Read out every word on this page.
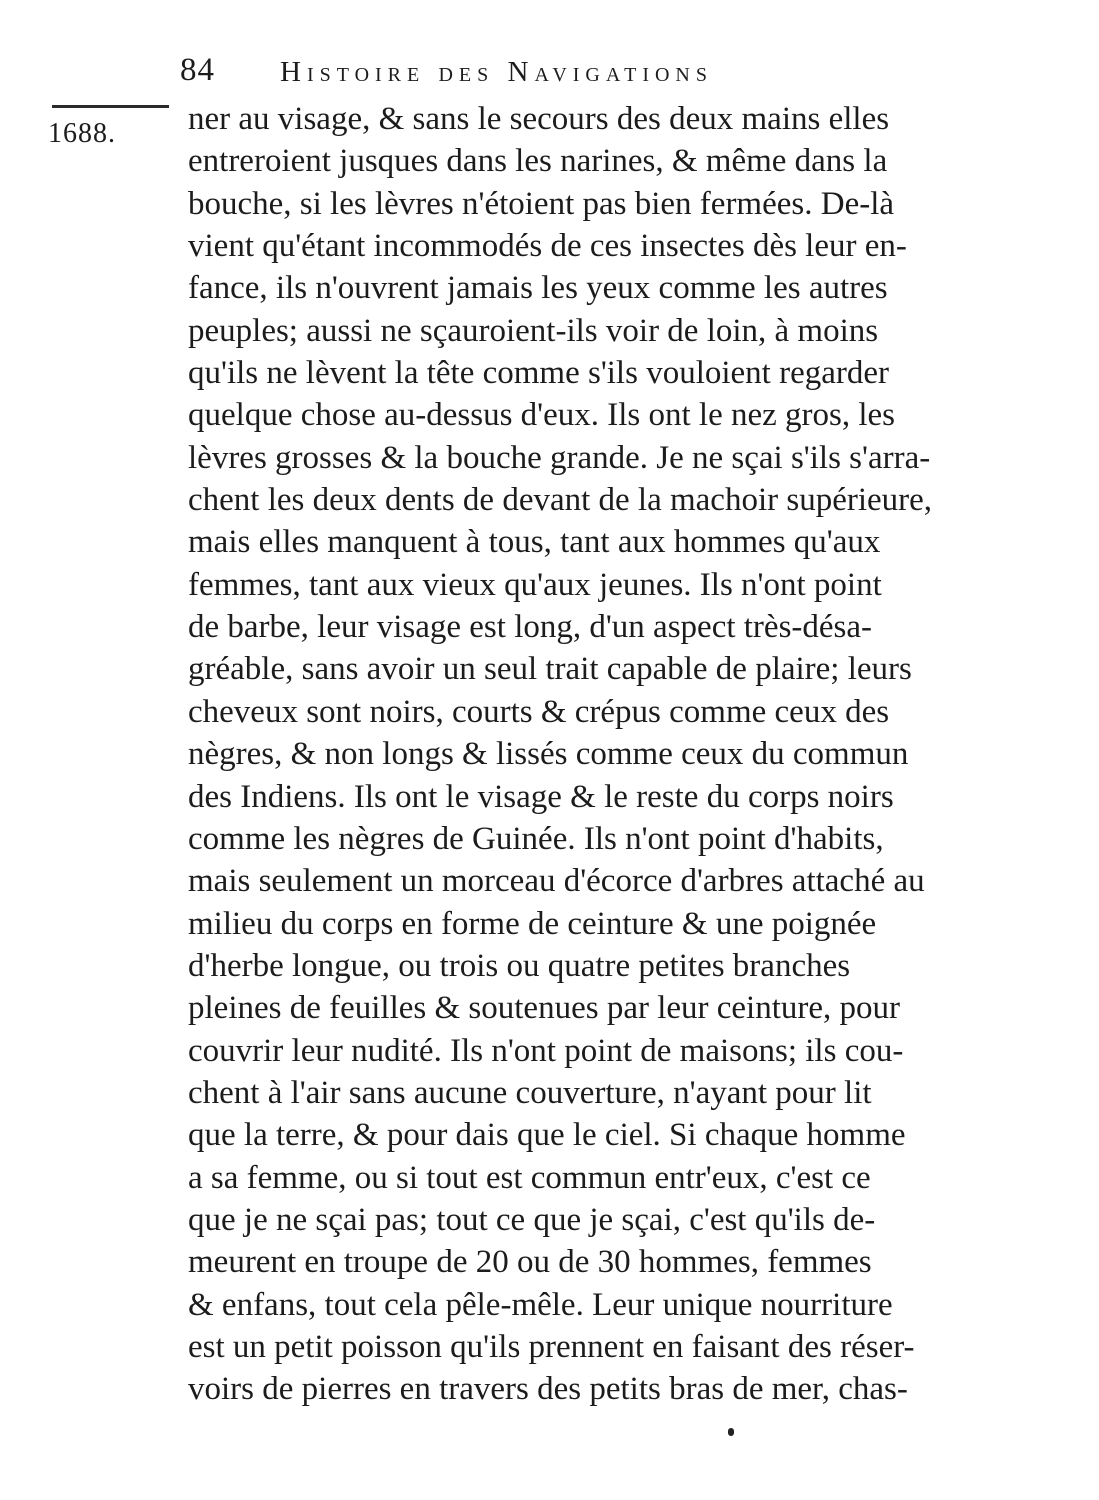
84 Histoire des Navigations
1688. ner au visage, & sans le secours des deux mains elles
entreroient jusques dans les narines, & même dans la
bouche, si les lèvres n'étoient pas bien fermées. De-là
vient qu'étant incommodés de ces insectes dès leur en-
fance, ils n'ouvrent jamais les yeux comme les autres
peuples; aussi ne sçauroient-ils voir de loin, à moins
qu'ils ne lèvent la tête comme s'ils vouloient regarder
quelque chose au-dessus d'eux. Ils ont le nez gros, les
lèvres grosses & la bouche grande. Je ne sçai s'ils s'arra-
chent les deux dents de devant de la machoir supérieure,
mais elles manquent à tous, tant aux hommes qu'aux
femmes, tant aux vieux qu'aux jeunes. Ils n'ont point
de barbe, leur visage est long, d'un aspect très-désa-
gréable, sans avoir un seul trait capable de plaire; leurs
cheveux sont noirs, courts & crépus comme ceux des
nègres, & non longs & lissés comme ceux du commun
des Indiens. Ils ont le visage & le reste du corps noirs
comme les nègres de Guinée. Ils n'ont point d'habits,
mais seulement un morceau d'écorce d'arbres attaché au
milieu du corps en forme de ceinture & une poignée
d'herbe longue, ou trois ou quatre petites branches
pleines de feuilles & soutenues par leur ceinture, pour
couvrir leur nudité. Ils n'ont point de maisons; ils cou-
chent à l'air sans aucune couverture, n'ayant pour lit
que la terre, & pour dais que le ciel. Si chaque homme
a sa femme, ou si tout est commun entr'eux, c'est ce
que je ne sçai pas; tout ce que je sçai, c'est qu'ils de-
meurent en troupe de 20 ou de 30 hommes, femmes
& enfans, tout cela pêle-mêle. Leur unique nourriture
est un petit poisson qu'ils prennent en faisant des réser-
voirs de pierres en travers des petits bras de mer, chas-
